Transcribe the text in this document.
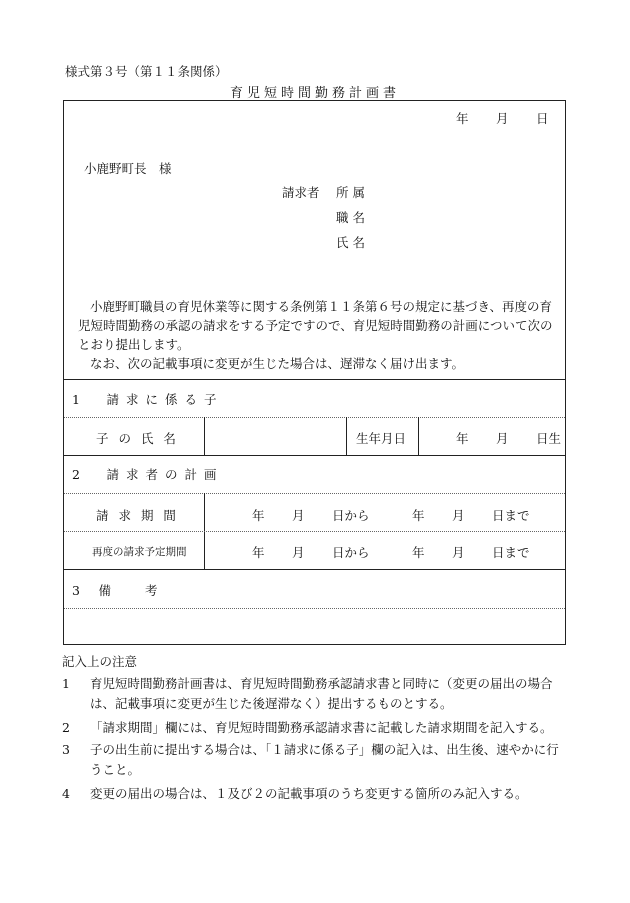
様式第３号（第１１条関係）
育児短時間勤務計画書
年 月 日
小鹿野町長　様
請求者 所 属
職 名
氏 名

小鹿野町職員の育児休業等に関する条例第１１条第６号の規定に基づき、再度の育児短時間勤務の承認の請求をする予定ですので、育児短時間勤務の計画について次のとおり提出します。

なお、次の記載事項に変更が生じた場合は、遅滞なく届け出ます。

1　請求に係る子
子 の 氏 名	生年月日	年 月 日生
2　請求者の計画
請 求 期 間	年 月 日から	年 月 日まで
再度の請求予定期間	年 月 日から	年 月 日まで
3　備　　考
記入上の注意
1	育児短時間勤務計画書は、育児短時間勤務承認請求書と同時に（変更の届出の場合は、記載事項に変更が生じた後遅滞なく）提出するものとする。
2	「請求期間」欄には、育児短時間勤務承認請求書に記載した請求期間を記入する。
3	子の出生前に提出する場合は、「１請求に係る子」欄の記入は、出生後、速やかに行うこと。
4	変更の届出の場合は、１及び２の記載事項のうち変更する箇所のみ記入する。
